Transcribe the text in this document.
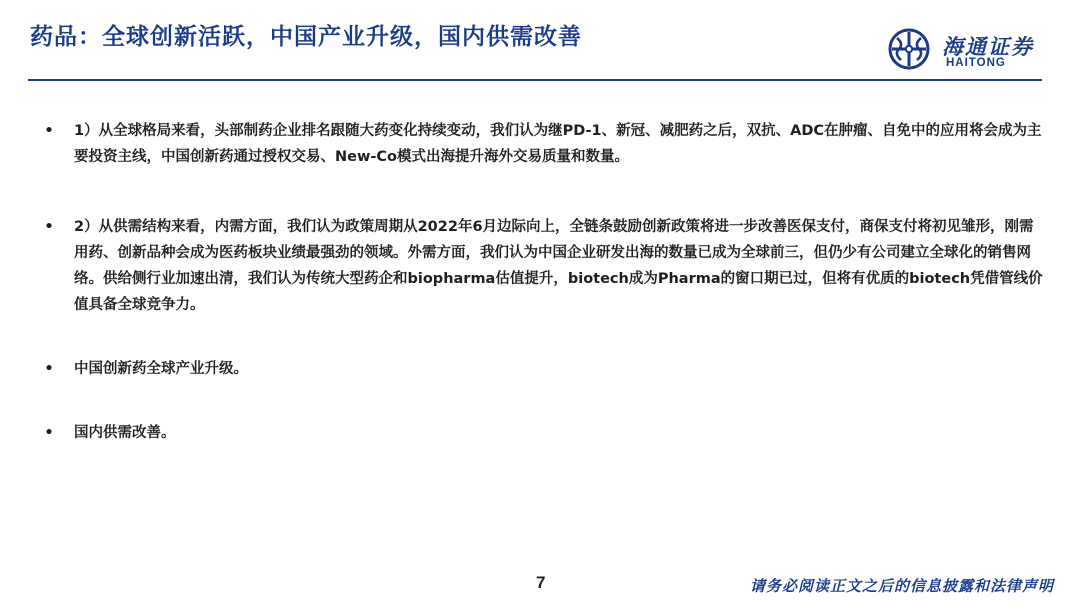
药品：全球创新活跃，中国产业升级，国内供需改善	海通证券
HAITONG
• 1）从全球格局来看，头部制药企业排名跟随大药变化持续变动，我们认为继PD-1、新冠、减肥药之后，双抗、ADC在肿瘤、自免中的应用将会成为主要投资主线，中国创新药通过授权交易、New-Co模式出海提升海外交易质量和数量。
• 2）从供需结构来看，内需方面，我们认为政策周期从2022年6月边际向上，全链条鼓励创新政策将进一步改善医保支付，商保支付将初见雏形，刚需用药、创新品种会成为医药板块业绩最强劲的领域。外需方面，我们认为中国企业研发出海的数量已成为全球前三，但仍少有公司建立全球化的销售网络。供给侧行业加速出清，我们认为传统大型药企和biopharma估值提升，biotech成为Pharma的窗口期已过，但将有优质的biotech凭借管线价值具备全球竞争力。
• 中国创新药全球产业升级。
• 国内供需改善。
7	请务必阅读正文之后的信息披露和法律声明
